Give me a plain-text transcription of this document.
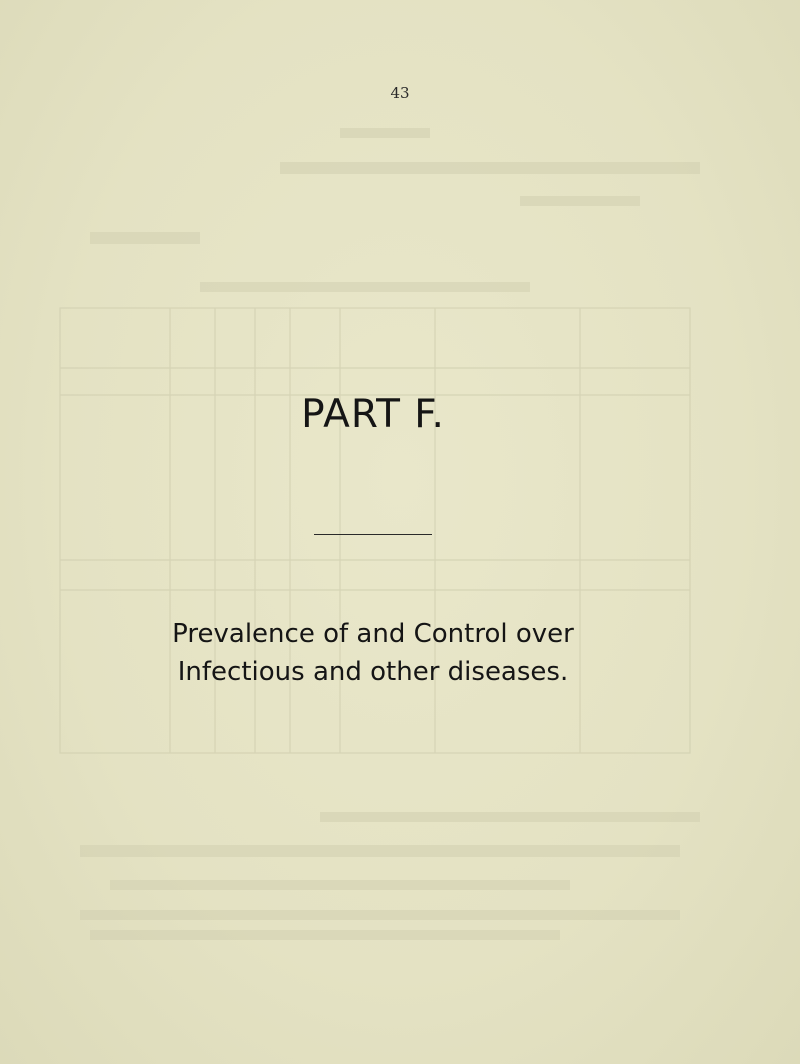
43
PART F.
Prevalence of and Control over
Infectious and other diseases.
